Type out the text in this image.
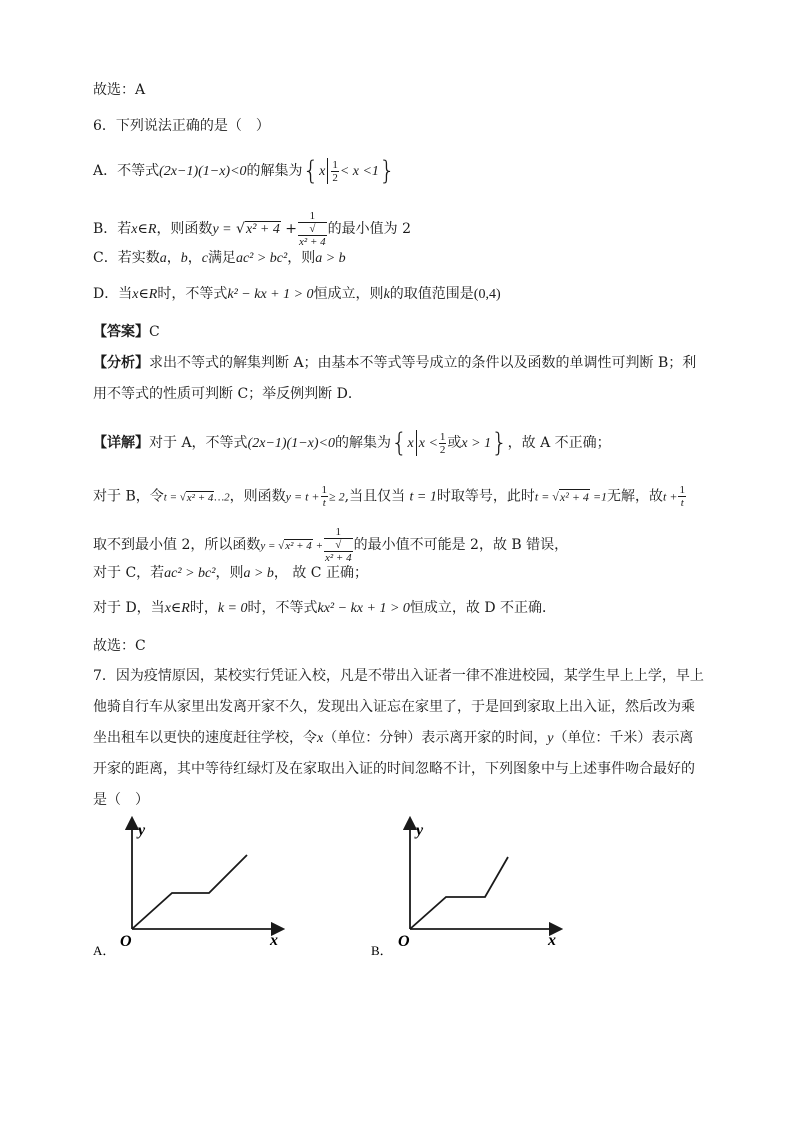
故选：A
6．下列说法正确的是（　）
A．不等式(2x−1)(1−x)<0的解集为$\{x \frac{1}{2} < x <1\}$
B．若x∈R，则函数y = √x² + 4 + 1
√
x² + 4 的最小值为 2
C．若实数a，b，c满足ac² > bc²，则a > b
D．当x∈R时，不等式k² − kx + 1 > 0恒成立，则k的取值范围是(0,4)
【答案】C
【分析】求出不等式的解集判断 A；由基本不等式等号成立的条件以及函数的单调性可判断 B；利
用不等式的性质可判断 C；举反例判断 D．
【详解】对于 A，不等式(2x−1)(1−x)<0的解集为{x $x < \frac{1}{2}$ 或x > 1}，故 A 不正确；
对于 B，令t = √x² + 4…2，则函数$y = t + \frac{1}{t} \ge 2$,当且仅当 t = 1时取等号，此时t = √x² + 4 =1无解，故$t + \frac{1}{t}$
取不到最小值 2，所以函数y = √x² + 4 + 1
√
x² + 4 的最小值不可能是 2，故 B 错误，
对于 C，若ac² > bc²，则a > b， 故 C 正确；
对于 D，当x∈R时，k = 0时，不等式kx² − kx + 1 > 0恒成立，故 D 不正确．
故选：C
7．因为疫情原因，某校实行凭证入校，凡是不带出入证者一律不准进校园，某学生早上上学，早上
他骑自行车从家里出发离开家不久，发现出入证忘在家里了，于是回到家取上出入证，然后改为乘
坐出租车以更快的速度赶往学校，令x（单位：分钟）表示离开家的时间，y（单位：千米）表示离
开家的距离，其中等待红绿灯及在家取出入证的时间忽略不计，下列图象中与上述事件吻合最好的
是（　）
y
x
O
A．
y
x
O
B．
